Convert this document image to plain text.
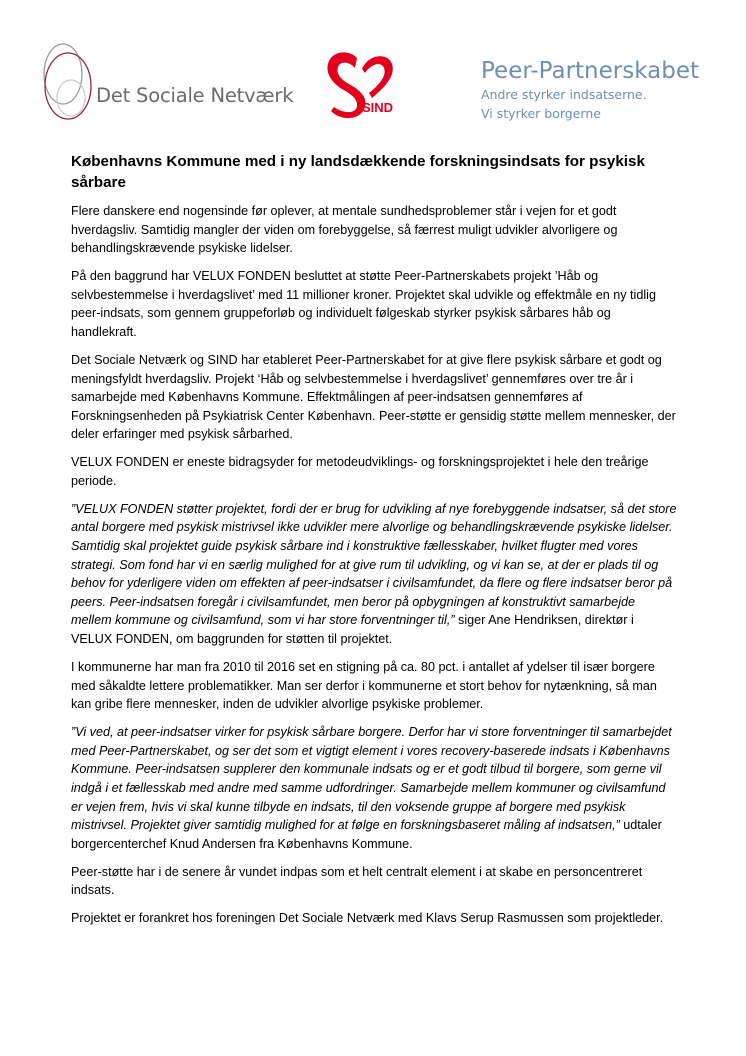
Det Sociale Netværk
SIND
Peer-Partnerskabet
Andre styrker indsatserne.
Vi styrker borgerne
Københavns Kommune med i ny landsdækkende forskningsindsats for psykisk sårbare

Flere danskere end nogensinde før oplever, at mentale sundhedsproblemer står i vejen for et godt hverdagsliv. Samtidig mangler der viden om forebyggelse, så færrest muligt udvikler alvorligere og behandlingskrævende psykiske lidelser.

På den baggrund har VELUX FONDEN besluttet at støtte Peer-Partnerskabets projekt ’Håb og selvbestemmelse i hverdagslivet’ med 11 millioner kroner. Projektet skal udvikle og effektmåle en ny tidlig peer-indsats, som gennem gruppeforløb og individuelt følgeskab styrker psykisk sårbares håb og handlekraft.

Det Sociale Netværk og SIND har etableret Peer-Partnerskabet for at give flere psykisk sårbare et godt og meningsfyldt hverdagsliv. Projekt ‘Håb og selvbestemmelse i hverdagslivet’ gennemføres over tre år i samarbejde med Københavns Kommune. Effektmålingen af peer-indsatsen gennemføres af Forskningsenheden på Psykiatrisk Center København. Peer-støtte er gensidig støtte mellem mennesker, der deler erfaringer med psykisk sårbarhed.

VELUX FONDEN er eneste bidragsyder for metodeudviklings- og forskningsprojektet i hele den treårige periode.

”VELUX FONDEN støtter projektet, fordi der er brug for udvikling af nye forebyggende indsatser, så det store antal borgere med psykisk mistrivsel ikke udvikler mere alvorlige og behandlingskrævende psykiske lidelser. Samtidig skal projektet guide psykisk sårbare ind i konstruktive fællesskaber, hvilket flugter med vores strategi. Som fond har vi en særlig mulighed for at give rum til udvikling, og vi kan se, at der er plads til og behov for yderligere viden om effekten af peer-indsatser i civilsamfundet, da flere og flere indsatser beror på peers. Peer-indsatsen foregår i civilsamfundet, men beror på opbygningen af konstruktivt samarbejde mellem kommune og civilsamfund, som vi har store forventninger til,” siger Ane Hendriksen, direktør i VELUX FONDEN, om baggrunden for støtten til projektet.

I kommunerne har man fra 2010 til 2016 set en stigning på ca. 80 pct. i antallet af ydelser til især borgere med såkaldte lettere problematikker. Man ser derfor i kommunerne et stort behov for nytænkning, så man kan gribe flere mennesker, inden de udvikler alvorlige psykiske problemer.

”Vi ved, at peer-indsatser virker for psykisk sårbare borgere. Derfor har vi store forventninger til samarbejdet med Peer-Partnerskabet, og ser det som et vigtigt element i vores recovery-baserede indsats i Københavns Kommune. Peer-indsatsen supplerer den kommunale indsats og er et godt tilbud til borgere, som gerne vil indgå i et fællesskab med andre med samme udfordringer. Samarbejde mellem kommuner og civilsamfund er vejen frem, hvis vi skal kunne tilbyde en indsats, til den voksende gruppe af borgere med psykisk mistrivsel. Projektet giver samtidig mulighed for at følge en forskningsbaseret måling af indsatsen,” udtaler borgercenterchef Knud Andersen fra Københavns Kommune.

Peer-støtte har i de senere år vundet indpas som et helt centralt element i at skabe en personcentreret indsats.

Projektet er forankret hos foreningen Det Sociale Netværk med Klavs Serup Rasmussen som projektleder.
